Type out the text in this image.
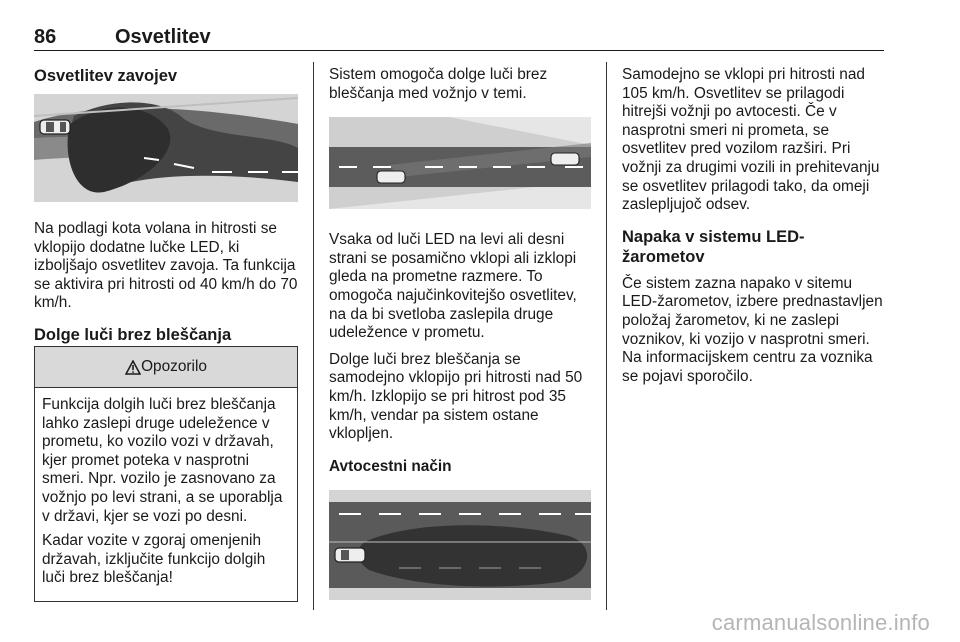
86	Osvetlitev
Osvetlitev zavojev

Na podlagi kota volana in hitrosti se vklopijo dodatne lučke LED, ki izboljšajo osvetlitev zavoja. Ta funkcija se aktivira pri hitrosti od 40 km/h do 70 km/h.

Dolge luči brez bleščanja
Opozorilo

Funkcija dolgih luči brez bleščanja lahko zaslepi druge udeležence v prometu, ko vozilo vozi v državah, kjer promet poteka v nasprotni smeri. Npr. vozilo je zasnovano za vožnjo po levi strani, a se uporablja v državi, kjer se vozi po desni.

Kadar vozite v zgoraj omenjenih državah, izključite funkcijo dolgih luči brez bleščanja!

Sistem omogoča dolge luči brez bleščanja med vožnjo v temi.

Vsaka od luči LED na levi ali desni strani se posamično vklopi ali izklopi gleda na prometne razmere. To omogoča najučinkovitejšo osvetlitev, na da bi svetloba zaslepila druge udeležence v prometu.

Dolge luči brez bleščanja se samodejno vklopijo pri hitrosti nad 50 km/h. Izklopijo se pri hitrost pod 35 km/h, vendar pa sistem ostane vklopljen.

Avtocestni način

Samodejno se vklopi pri hitrosti nad 105 km/h. Osvetlitev se prilagodi hitrejši vožnji po avtocesti. Če v nasprotni smeri ni prometa, se osvetlitev pred vozilom razširi. Pri vožnji za drugimi vozili in prehitevanju se osvetlitev prilagodi tako, da omeji zaslepljujoč odsev.

Napaka v sistemu LED-žarometov

Če sistem zazna napako v sitemu LED-žarometov, izbere prednastavljen položaj žarometov, ki ne zaslepi voznikov, ki vozijo v nasprotni smeri. Na informacijskem centru za voznika se pojavi sporočilo.

carmanualsonline.info
